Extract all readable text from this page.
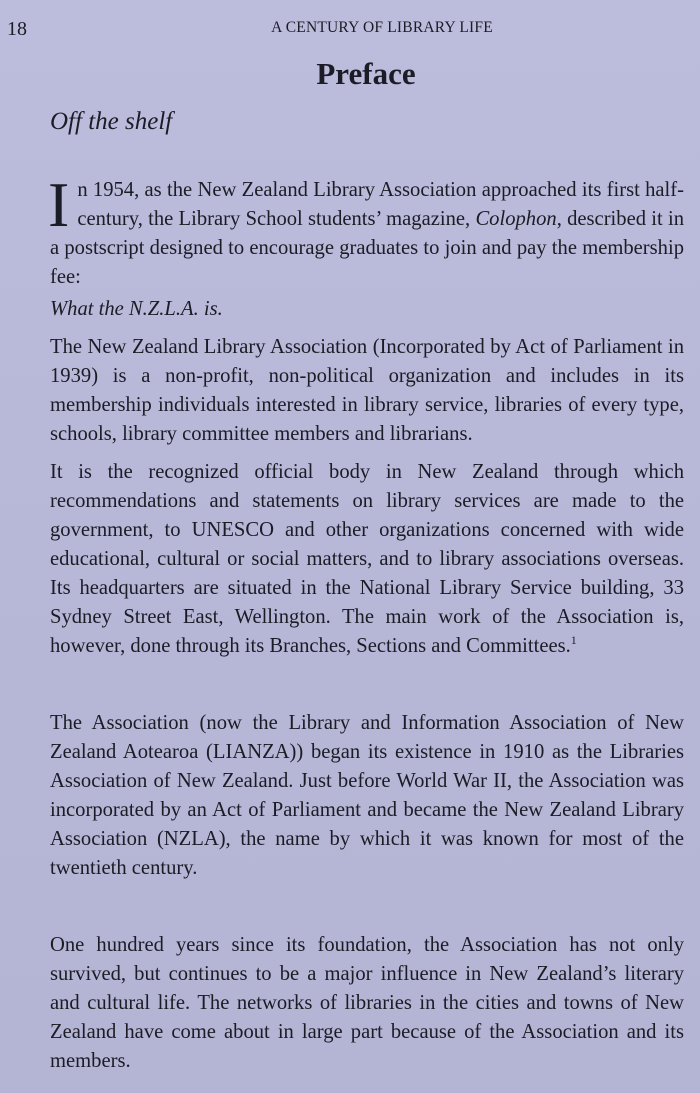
18	A CENTURY OF LIBRARY LIFE
Preface
Off the shelf

In 1954, as the New Zealand Library Association approached its first half-century, the Library School students’ magazine, Colophon, described it in a postscript designed to encourage graduates to join and pay the membership fee:

What the N.Z.L.A. is.

The New Zealand Library Association (Incorporated by Act of Parliament in 1939) is a non-profit, non-political organization and includes in its membership individuals interested in library service, libraries of every type, schools, library committee members and librarians.

It is the recognized official body in New Zealand through which recommendations and statements on library services are made to the government, to UNESCO and other organizations concerned with wide educational, cultural or social matters, and to library associations overseas. Its headquarters are situated in the National Library Service building, 33 Sydney Street East, Wellington. The main work of the Association is, however, done through its Branches, Sections and Committees.$^1$

The Association (now the Library and Information Association of New Zealand Aotearoa (LIANZA)) began its existence in 1910 as the Libraries Association of New Zealand. Just before World War II, the Association was incorporated by an Act of Parliament and became the New Zealand Library Association (NZLA), the name by which it was known for most of the twentieth century.

One hundred years since its foundation, the Association has not only survived, but continues to be a major influence in New Zealand’s literary and cultural life. The networks of libraries in the cities and towns of New Zealand have come about in large part because of the Association and its members.
